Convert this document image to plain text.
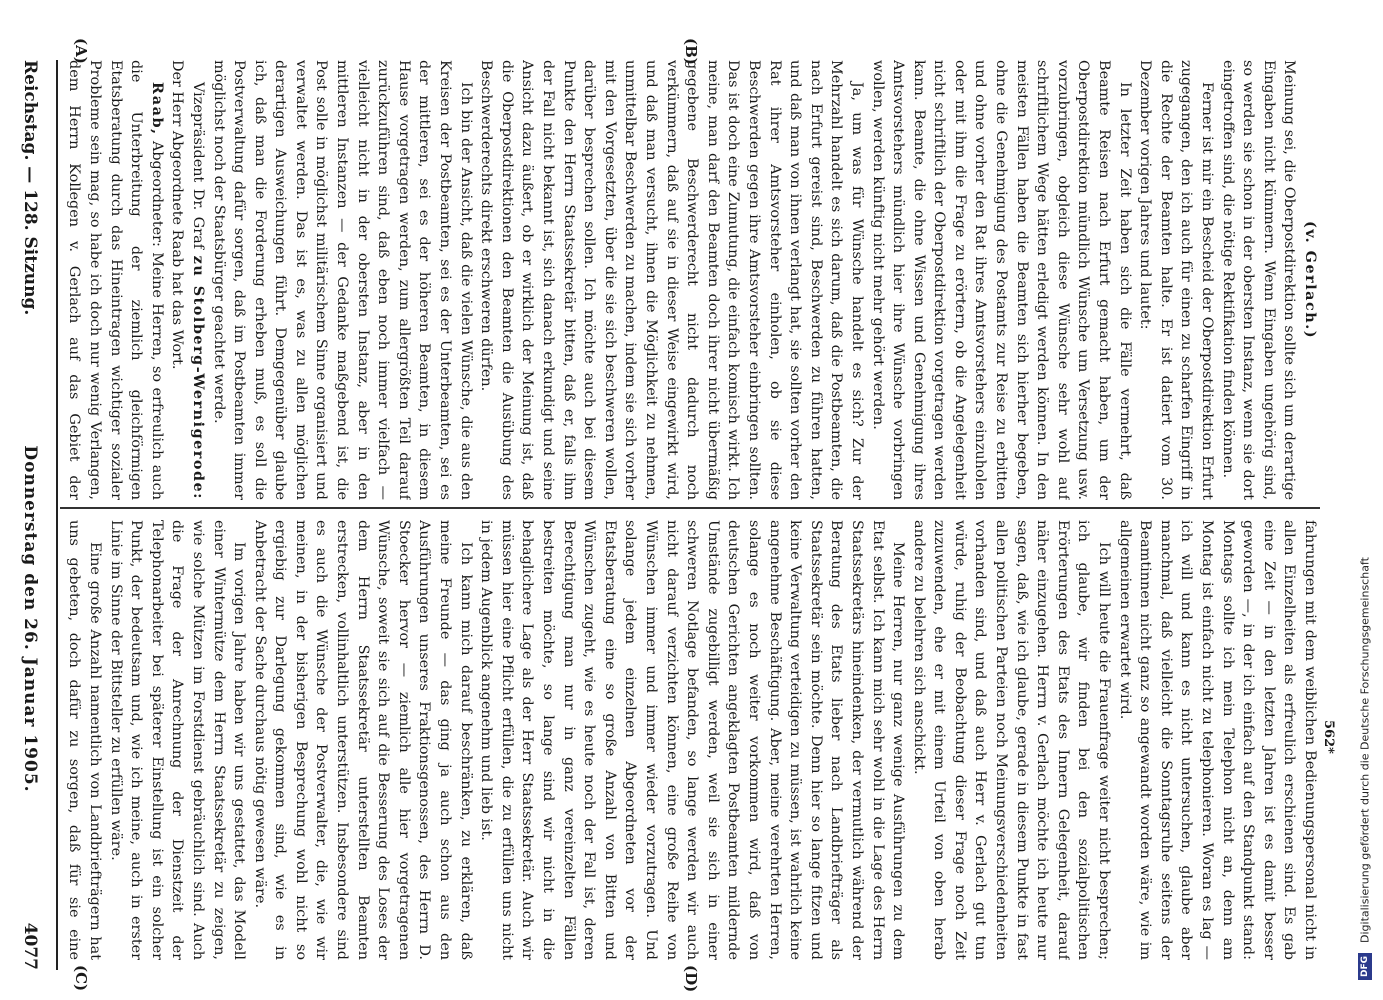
Reichstag. — 128. Sitzung.
Donnerstag den 26. Januar 1905.
4077

(v. Gerlach.)

Meinung sei, die Oberpostdirektion sollte sich um derartige Eingaben nicht kümmern. Wenn Eingaben ungehörig sind, so werden sie schon in der obersten Instanz, wenn sie dort eingetroffen sind, die nötige Rektifikation finden können.

Ferner ist mir ein Bescheid der Oberpostdirektion Erfurt zugegangen, den ich auch für einen zu scharfen Eingriff in die Rechte der Beamten halte. Er ist datiert vom 30. Dezember vorigen Jahres und lautet:

In letzter Zeit haben sich die Fälle vermehrt, daß Beamte Reisen nach Erfurt gemacht haben, um der Oberpostdirektion mündlich Wünsche um Versetzung usw. vorzubringen, obgleich diese Wünsche sehr wohl auf schriftlichem Wege hätten erledigt werden können. In den meisten Fällen haben die Beamten sich hierher begeben, ohne die Genehmigung des Postamts zur Reise zu erbitten und ohne vorher den Rat ihres Amtsvorstehers einzuholen oder mit ihm die Frage zu erörtern, ob die Angelegenheit nicht schriftlich der Oberpostdirektion vorgetragen werden kann. Beamte, die ohne Wissen und Genehmigung ihres Amtsvorstehers mündlich hier ihre Wünsche vorbringen wollen, werden künftig nicht mehr gehört werden.

Ja, um was für Wünsche handelt es sich? Zur der Mehrzahl handelt es sich darum, daß die Postbeamten, die nach Erfurt gereist sind, Beschwerden zu führen hatten, und daß man von ihnen verlangt hat, sie sollten vorher den Rat ihrer Amtsvorsteher einholen, ob sie diese Beschwerden gegen ihre Amtsvorsteher einbringen sollten. Das ist doch eine Zumutung, die einfach komisch wirkt. Ich meine, man darf den Beamten doch ihrer nicht übermäßig gegebene Beschwerderecht nicht dadurch noch verkümmern, daß auf sie in dieser Weise eingewirkt wird, und daß man versucht, ihnen die Möglichkeit zu nehmen, unmittelbar Beschwerden zu machen, indem sie sich vorher mit den Vorgesetzten, über die sie sich beschweren wollen, darüber besprechen sollen. Ich möchte auch bei diesem Punkte den Herrn Staatssekretär bitten, daß er, falls ihm der Fall nicht bekannt ist, sich danach erkundigt und seine Ansicht dazu äußert, ob er wirklich der Meinung ist, daß die Oberpostdirektionen den Beamten die Ausübung des Beschwerderechts direkt erschweren dürfen.

Ich bin der Ansicht, daß die vielen Wünsche, die aus den Kreisen der Postbeamten, sei es der Unterbeamten, sei es der mittleren, sei es der höheren Beamten, in diesem Hause vorgetragen werden, zum allergrößten Teil darauf zurückzuführen sind, daß eben noch immer vielfach — vielleicht nicht in der obersten Instanz, aber in den mittleren Instanzen — der Gedanke maßgebend ist, die Post solle in möglichst militärischem Sinne organisiert und verwaltet werden. Das ist es, was zu allen möglichen derartigen Ausweichungen führt. Demgegenüber glaube ich, daß man die Forderung erheben muß, es soll die Postverwaltung dafür sorgen, daß im Postbeamten immer möglichst noch der Staatsbürger geachtet werde.

Vizepräsident Dr. Graf zu Stolberg-Wernigerode: Der Herr Abgeordnete Raab hat das Wort.

Raab, Abgeordneter: Meine Herren, so erfreulich auch die Unterbreitung der ziemlich gleichförmigen Etatsberatung durch das Hineintragen wichtiger sozialer Probleme sein mag, so habe ich doch nur wenig Verlangen, dem Herrn Kollegen v. Gerlach auf das Gebiet der

fahrungen mit dem weiblichen Bedienungspersonal nicht in allen Einzelheiten als erfreulich erschienen sind. Es gab eine Zeit — in den letzten Jahren ist es damit besser geworden —, in der ich einfach auf den Standpunkt stand: Montags sollte ich mein Telephon nicht an, denn am Montag ist einfach nicht zu telephonieren. Woran es lag — ich will und kann es nicht untersuchen, glaube aber manchmal, daß vielleicht die Sonntagsruhe seitens der Beamtinnen nicht ganz so angewandt worden wäre, wie im allgemeinen erwartet wird.

Ich will heute die Frauenfrage weiter nicht besprechen; ich glaube, wir finden bei den sozialpolitischen Erörterungen des Etats des Innern Gelegenheit, darauf näher einzugehen. Herrn v. Gerlach möchte ich heute nur sagen, daß, wie ich glaube, gerade in diesem Punkte in fast allen politischen Parteien noch Meinungsverschiedenheiten vorhanden sind, und daß auch Herr v. Gerlach gut tun würde, ruhig der Beobachtung dieser Frage noch Zeit zuzuwenden, ehe er mit einem Urteil von oben herab andere zu belehren sich anschickt.

Meine Herren, nur ganz wenige Ausführungen zu dem Etat selbst. Ich kann mich sehr wohl in die Lage des Herrn Staatssekretärs hineindenken, der vermutlich während der Beratung des Etats lieber nach Landbriefträger als Staatssekretär sein möchte. Denn hier so lange fitzen und keine Verwaltung verteidigen zu müssen, ist wahrlich keine angenehme Beschäftigung. Aber, meine verehrten Herren, solange es noch weiter vorkommen wird, daß von deutschen Gerichten angeklagten Postbeamten mildernde Umstände zugebilligt werden, weil sie sich in einer schweren Notlage befanden, so lange werden wir auch nicht darauf verzichten können, eine große Reihe von Wünschen immer und immer wieder vorzutragen. Und solange jedem einzelnen Abgeordneten vor der Etatsberatung eine so große Anzahl von Bitten und Wünschen zugeht, wie es heute noch der Fall ist, deren Berechtigung man nur in ganz vereinzelten Fällen bestreiten möchte, so lange sind wir nicht in die behaglichere Lage als der Herr Staatssekretär. Auch wir müssen hier eine Pflicht erfüllen, die zu erfüllen uns nicht in jedem Augenblick angenehm und lieb ist.

Ich kann mich darauf beschränken, zu erklären, daß meine Freunde — das ging ja auch schon aus den Ausführungen unseres Fraktionsgenossen, des Herrn D. Stoecker hervor — ziemlich alle hier vorgetragenen Wünsche, soweit sie sich auf die Besserung des Loses der dem Herrn Staatssekretär unterstellten Beamten erstrecken, vollinhaltlich unterstützen. Insbesondere sind es auch die Wünsche der Postverwalter, die, wie wir meinen, in der bisherigen Besprechung wohl nicht so ergiebig zur Darlegung gekommen sind, wie es in Anbetracht der Sache durchaus nötig gewesen wäre.

Im vorigen Jahre haben wir uns gestattet, das Modell einer Wintermütze dem Herrn Staatssekretär zu zeigen, wie solche Mützen im Forstdienst gebräuchlich sind. Auch die Frage der Anrechnung der Dienstzeit der Telephonarbeiter bei späterer Einstellung ist ein solcher Punkt, der bedeutsam und, wie ich meine, auch in erster Linie im Sinne der Bittsteller zu erfüllen wäre.

Eine große Anzahl namentlich von Landbriefträgern hat uns gebeten, doch dafür zu sorgen, daß für sie eine

(A)	(B)
(C)	(D)
562*
DFG
Digitalisierung gefördert durch die Deutsche Forschungsgemeinschaft
